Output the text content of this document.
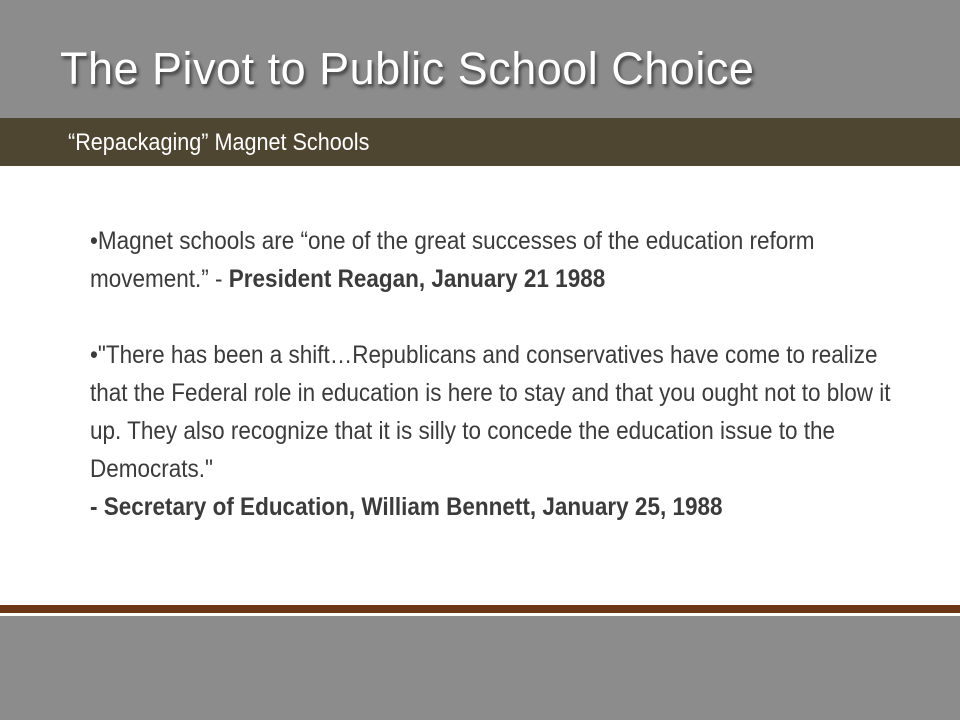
The Pivot to Public School Choice
“Repackaging” Magnet Schools

•Magnet schools are “one of the great successes of the education reform movement.” - President Reagan, January 21 1988

•"There has been a shift…Republicans and conservatives have come to realize that the Federal role in education is here to stay and that you ought not to blow it up. They also recognize that it is silly to concede the education issue to the Democrats."
- Secretary of Education, William Bennett, January 25, 1988
